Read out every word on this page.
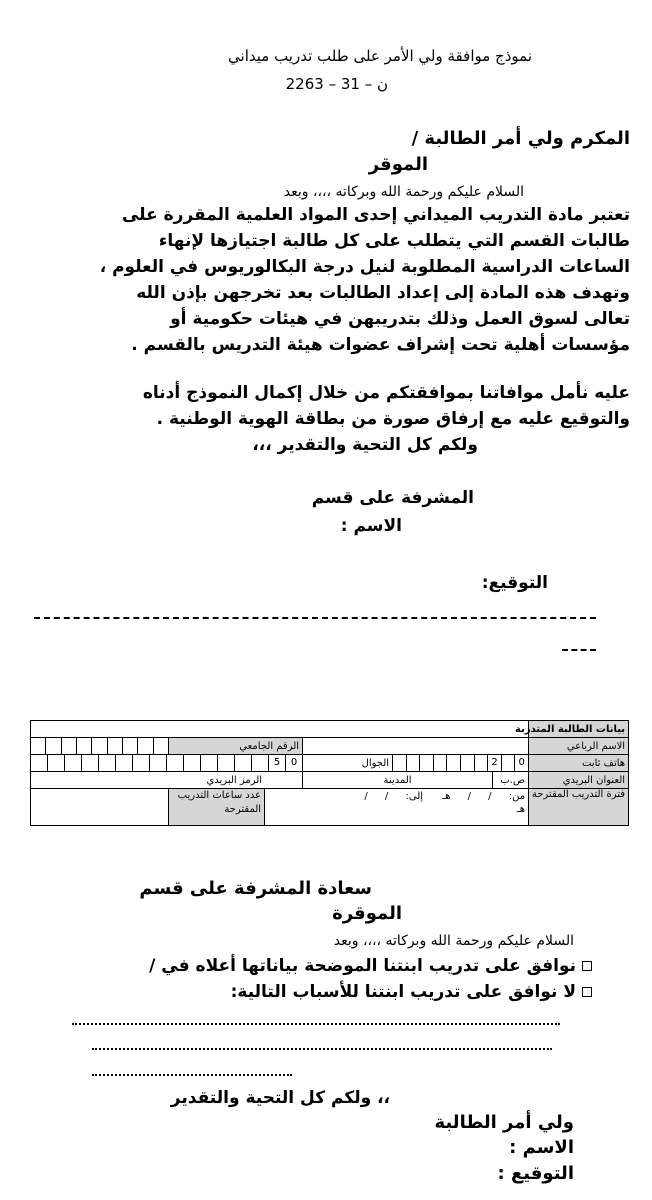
نموذج موافقة ولي الأمر على طلب تدريب ميداني
2263 – 31 – ن
المكرم ولي أمر الطالبة /
الموقر
السلام عليكم ورحمة الله وبركاته ،،،، وبعد
تعتبر مادة التدريب الميداني إحدى المواد العلمية المقررة على
طالبات القسم التي يتطلب على كل طالبة اجتيازها لإنهاء
الساعات الدراسية المطلوبة لنيل درجة البكالوريوس في العلوم ،
وتهدف هذه المادة إلى إعداد الطالبات بعد تخرجهن بإذن الله
تعالى لسوق العمل وذلك بتدريبهن في هيئات حكومية أو
مؤسسات أهلية تحت إشراف عضوات هيئة التدريس بالقسم .
عليه نأمل موافاتنا بموافقتكم من خلال إكمال النموذج أدناه
والتوقيع عليه مع إرفاق صورة من بطاقة الهوية الوطنية .
ولكم كل التحية والتقدير ،،،
المشرفة على قسم
الاسم :
التوقيع:
بيانات الطالبة المتدربة						
الاسم الرباعي				الرقم الجامعي		

هاتف ثابت	2 0		الجوال	5 0		

العنوان البريدي	ص.ب	المدينة		الرمز البريدي		
فترة التدريب المقترحة	من: / / هـ إلى: / /
هـ				عدد ساعات التدريب المقترحة	
سعادة المشرفة على قسم
الموقرة
السلام عليكم ورحمة الله وبركاته ،،،، وبعد
نوافق على تدريب ابنتنا الموضحة بياناتها أعلاه في /
لا نوافق على تدريب ابنتنا للأسباب التالية:
،، ولكم كل التحية والتقدير
ولي أمر الطالبة
الاسم :
التوقيع :
